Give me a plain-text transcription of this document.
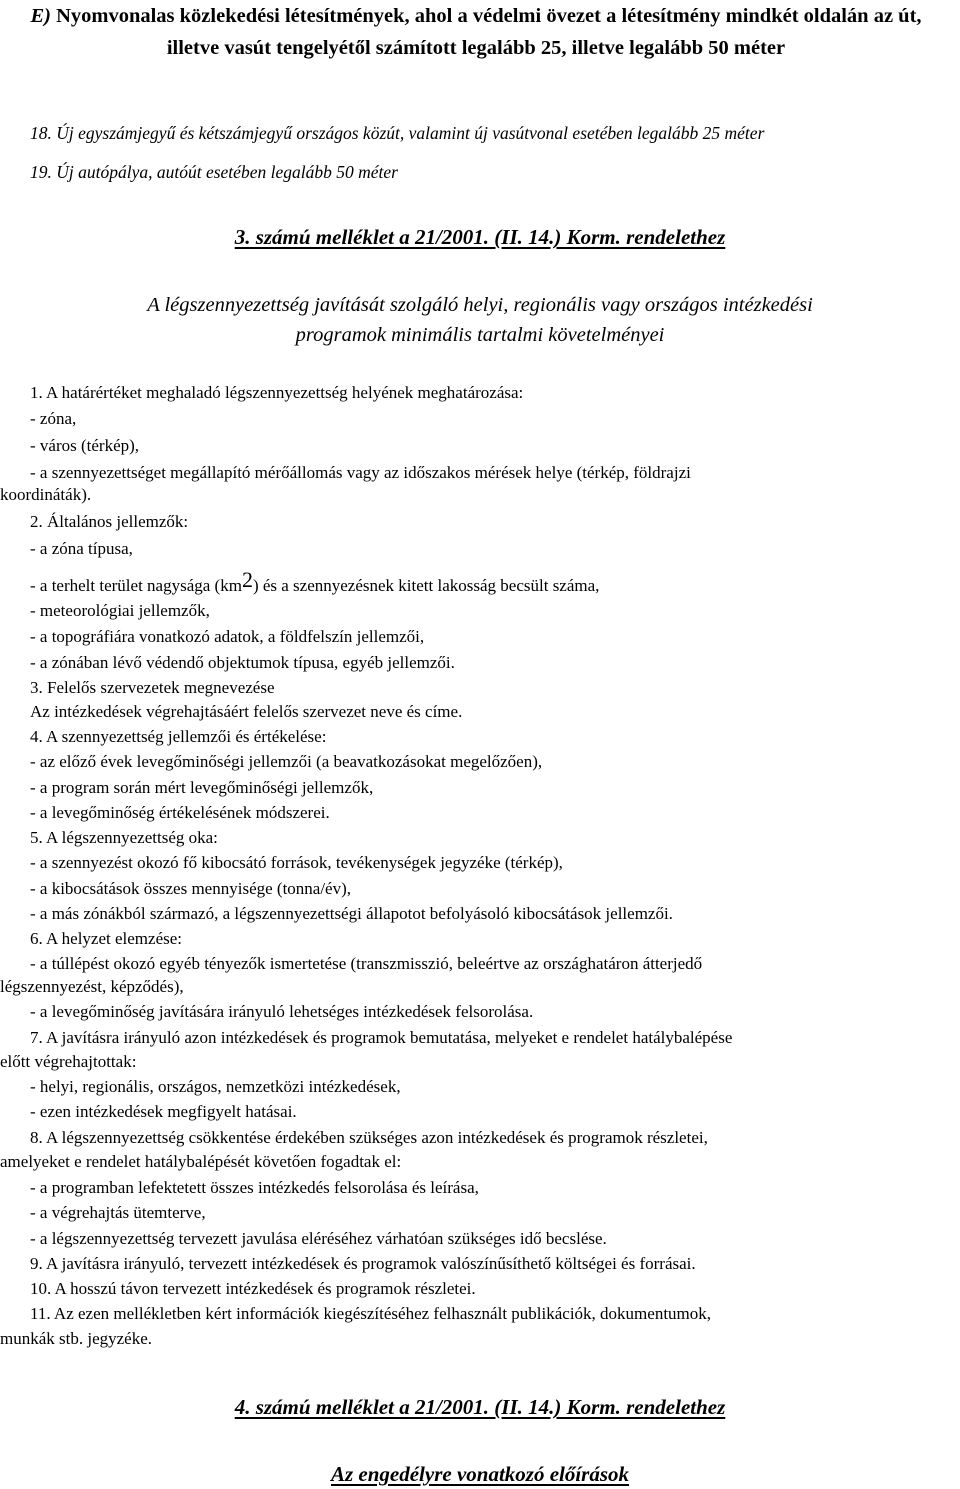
E) Nyomvonalas közlekedési létesítmények, ahol a védelmi övezet a létesítmény mindkét oldalán az út, illetve vasút tengelyétől számított legalább 25, illetve legalább 50 méter
18. Új egyszámjegyű és kétszámjegyű országos közút, valamint új vasútvonal esetében legalább 25 méter
19. Új autópálya, autóút esetében legalább 50 méter
3. számú melléklet a 21/2001. (II. 14.) Korm. rendelethez
A légszennyezettség javítását szolgáló helyi, regionális vagy országos intézkedési
programok minimális tartalmi követelményei
1. A határértéket meghaladó légszennyezettség helyének meghatározása:
- zóna,
- város (térkép),
- a szennyezettséget megállapító mérőállomás vagy az időszakos mérések helye (térkép, földrajzi
koordináták).
2. Általános jellemzők:
- a zóna típusa,
- a terhelt terület nagysága $(km^2)$ és a szennyezésnek kitett lakosság becsült száma,
- meteorológiai jellemzők,
- a topográfiára vonatkozó adatok, a földfelszín jellemzői,
- a zónában lévő védendő objektumok típusa, egyéb jellemzői.
3. Felelős szervezetek megnevezése
Az intézkedések végrehajtásáért felelős szervezet neve és címe.
4. A szennyezettség jellemzői és értékelése:
- az előző évek levegőminőségi jellemzői (a beavatkozásokat megelőzően),
- a program során mért levegőminőségi jellemzők,
- a levegőminőség értékelésének módszerei.
5. A légszennyezettség oka:
- a szennyezést okozó fő kibocsátó források, tevékenységek jegyzéke (térkép),
- a kibocsátások összes mennyisége (tonna/év),
- a más zónákból származó, a légszennyezettségi állapotot befolyásoló kibocsátások jellemzői.
6. A helyzet elemzése:
- a túllépést okozó egyéb tényezők ismertetése (transzmisszió, beleértve az országhatáron átterjedő
légszennyezést, képződés),
- a levegőminőség javítására irányuló lehetséges intézkedések felsorolása.
7. A javításra irányuló azon intézkedések és programok bemutatása, melyeket e rendelet hatálybalépése
előtt végrehajtottak:
- helyi, regionális, országos, nemzetközi intézkedések,
- ezen intézkedések megfigyelt hatásai.
8. A légszennyezettség csökkentése érdekében szükséges azon intézkedések és programok részletei,
amelyeket e rendelet hatálybalépését követően fogadtak el:
- a programban lefektetett összes intézkedés felsorolása és leírása,
- a végrehajtás ütemterve,
- a légszennyezettség tervezett javulása eléréséhez várhatóan szükséges idő becslése.
9. A javításra irányuló, tervezett intézkedések és programok valószínűsíthető költségei és forrásai.
10. A hosszú távon tervezett intézkedések és programok részletei.
11. Az ezen mellékletben kért információk kiegészítéséhez felhasznált publikációk, dokumentumok,
munkák stb. jegyzéke.
4. számú melléklet a 21/2001. (II. 14.) Korm. rendelethez
Az engedélyre vonatkozó előírások
